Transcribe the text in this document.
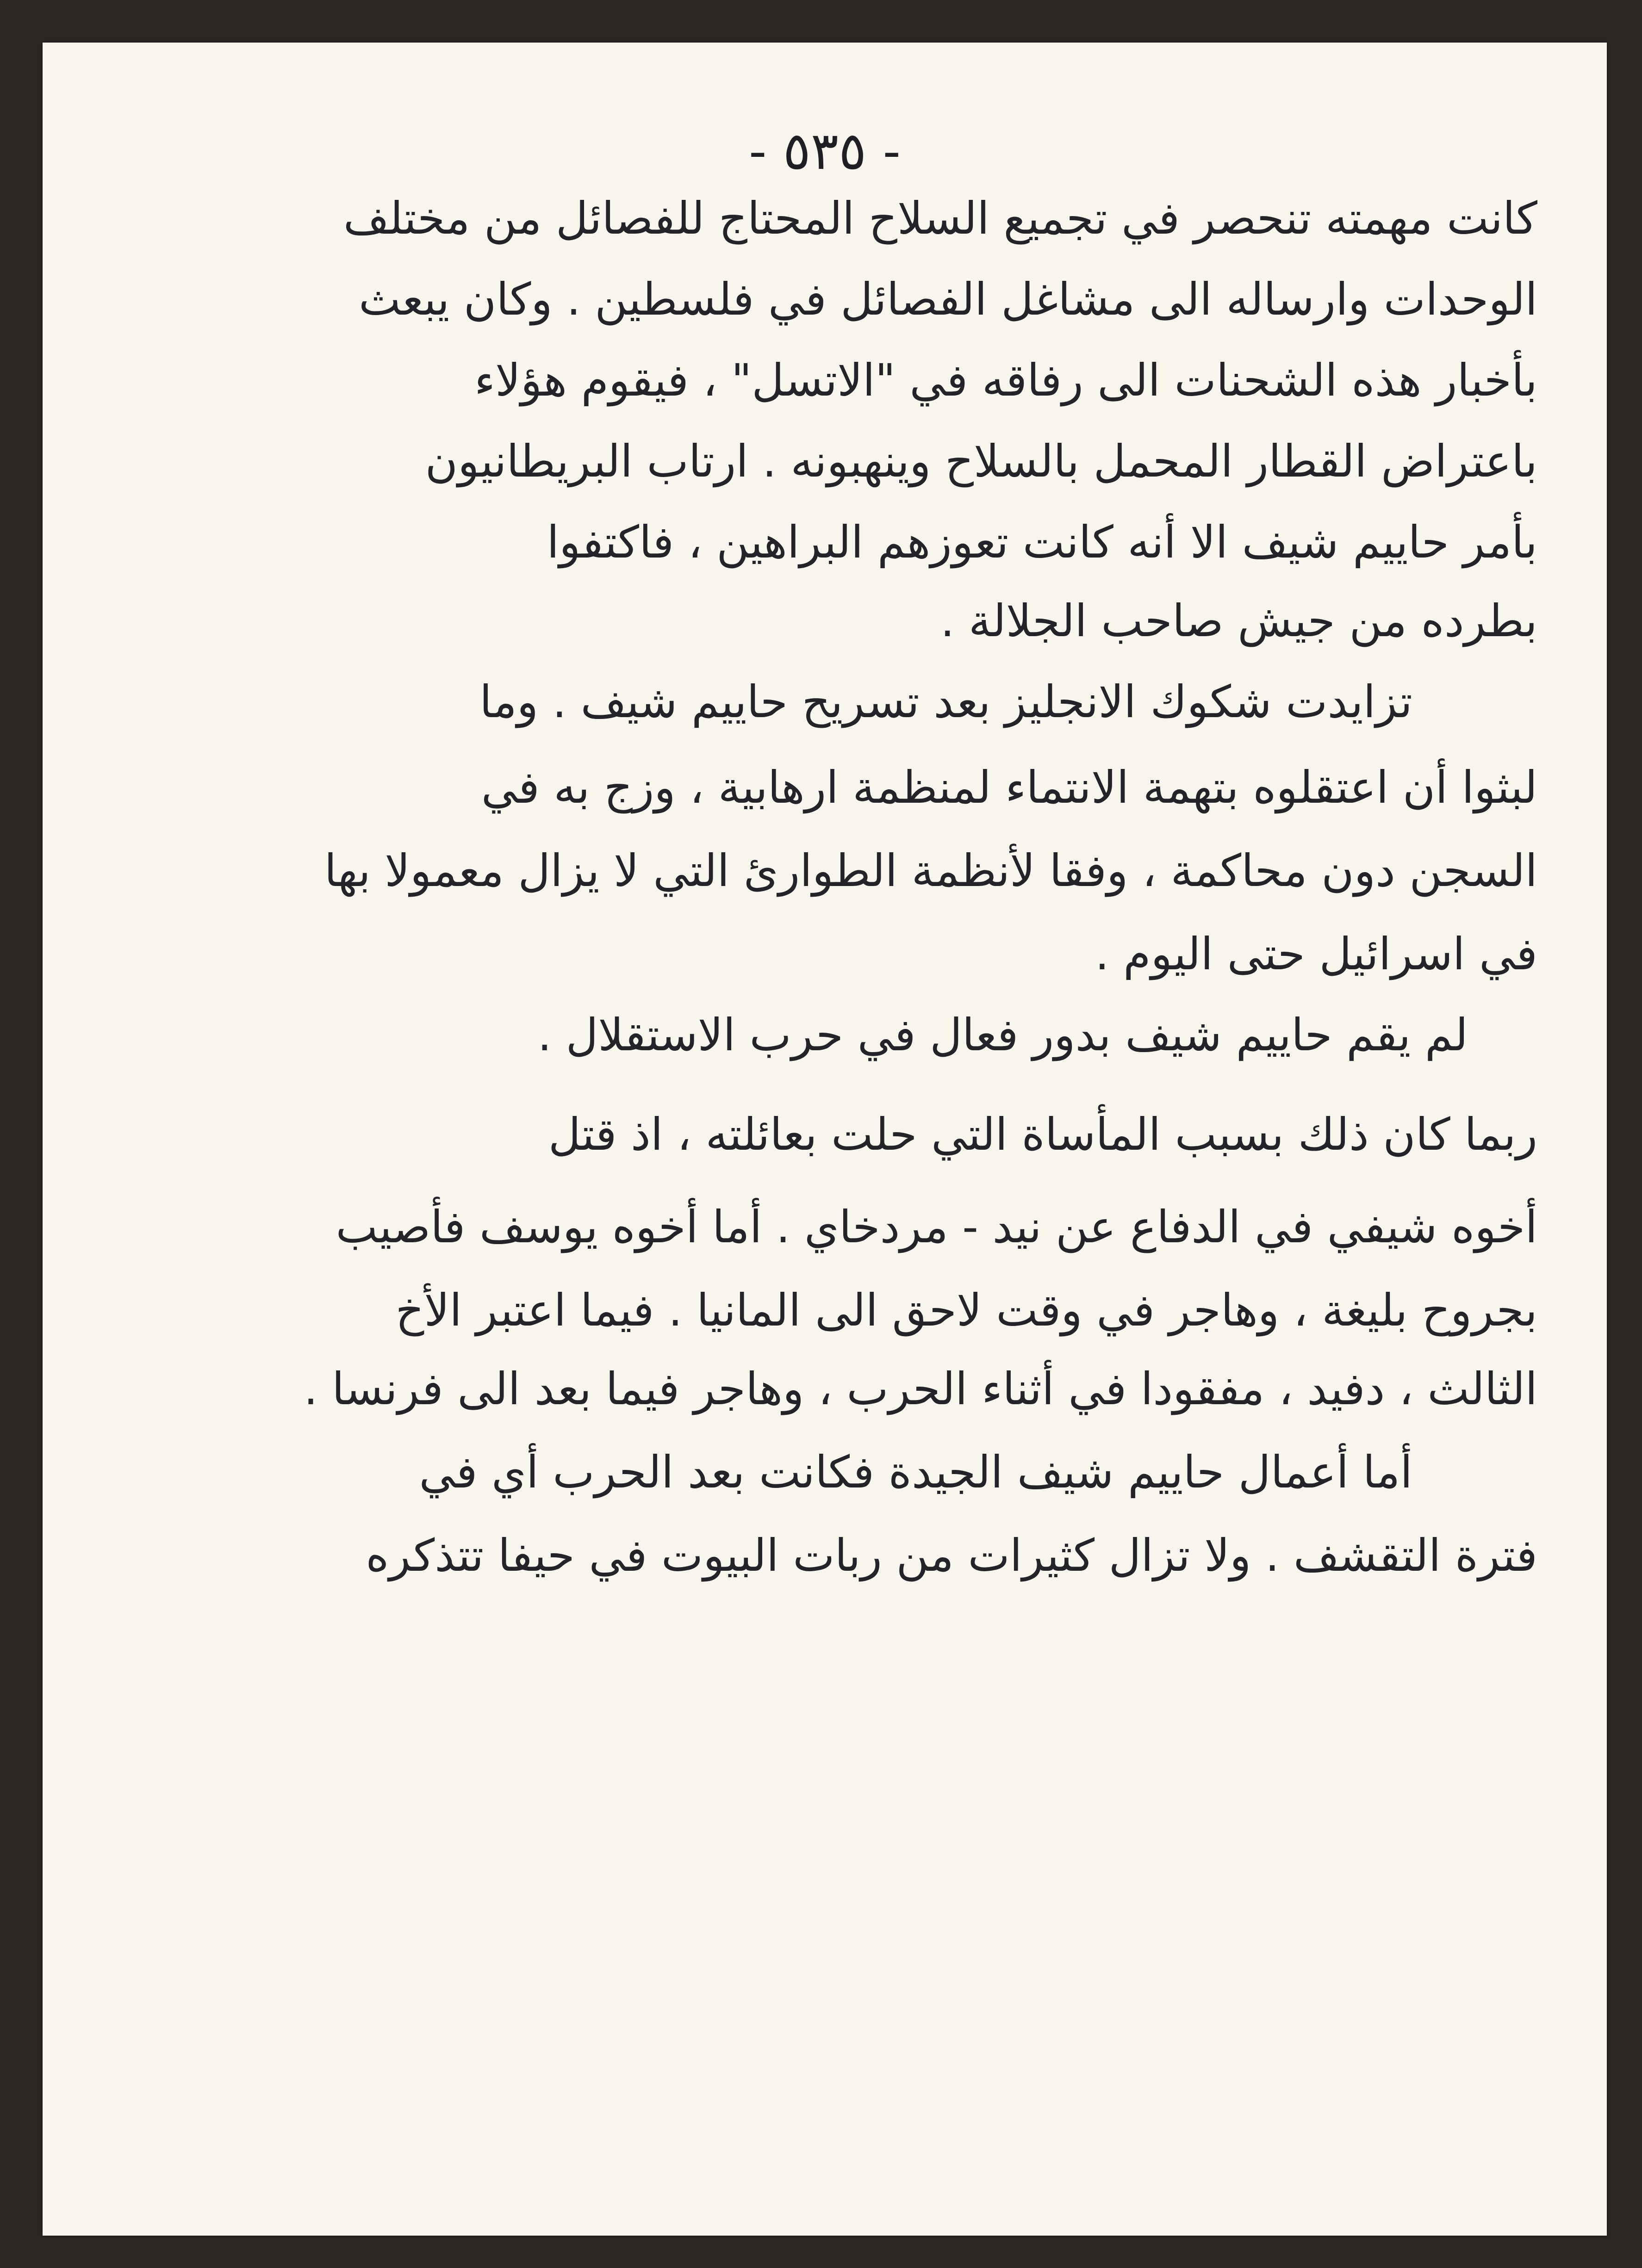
- ٥٣٥ -
كانت مهمته تنحصر في تجميع السلاح المحتاج للفصائل من مختلف
الوحدات وارساله الى مشاغل الفصائل في فلسطين . وكان يبعث
بأخبار هذه الشحنات الى رفاقه في "الاتسل" ، فيقوم هؤلاء
باعتراض القطار المحمل بالسلاح وينهبونه . ارتاب البريطانيون
بأمر حاييم شيف الا أنه كانت تعوزهم البراهين ، فاكتفوا
بطرده من جيش صاحب الجلالة .
تزايدت شكوك الانجليز بعد تسريح حاييم شيف . وما
لبثوا أن اعتقلوه بتهمة الانتماء لمنظمة ارهابية ، وزج به في
السجن دون محاكمة ، وفقا لأنظمة الطوارئ التي لا يزال معمولا بها
في اسرائيل حتى اليوم .
لم يقم حاييم شيف بدور فعال في حرب الاستقلال .
ربما كان ذلك بسبب المأساة التي حلت بعائلته ، اذ قتل
أخوه شيفي في الدفاع عن نيد - مردخاي . أما أخوه يوسف فأصيب
بجروح بليغة ، وهاجر في وقت لاحق الى المانيا . فيما اعتبر الأخ
الثالث ، دفيد ، مفقودا في أثناء الحرب ، وهاجر فيما بعد الى فرنسا .
أما أعمال حاييم شيف الجيدة فكانت بعد الحرب أي في
فترة التقشف . ولا تزال كثيرات من ربات البيوت في حيفا تتذكره
